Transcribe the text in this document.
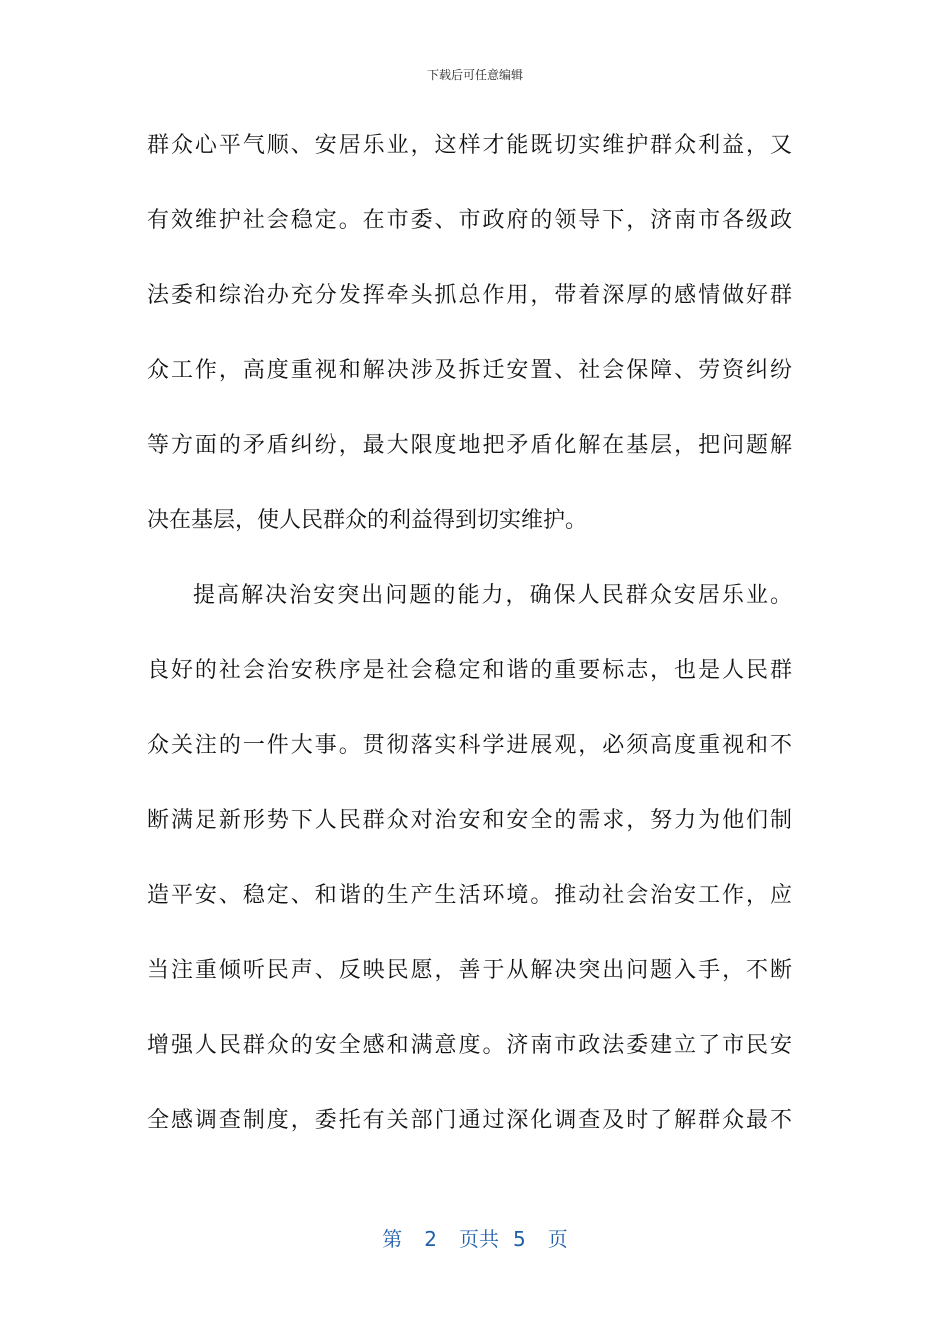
下载后可任意编辑
群众心平气顺、安居乐业，这样才能既切实维护群众利益，又
有效维护社会稳定。在市委、市政府的领导下，济南市各级政
法委和综治办充分发挥牵头抓总作用，带着深厚的感情做好群
众工作，高度重视和解决涉及拆迁安置、社会保障、劳资纠纷
等方面的矛盾纠纷，最大限度地把矛盾化解在基层，把问题解
决在基层，使人民群众的利益得到切实维护。
提高解决治安突出问题的能力，确保人民群众安居乐业。
良好的社会治安秩序是社会稳定和谐的重要标志，也是人民群
众关注的一件大事。贯彻落实科学进展观，必须高度重视和不
断满足新形势下人民群众对治安和安全的需求，努力为他们制
造平安、稳定、和谐的生产生活环境。推动社会治安工作，应
当注重倾听民声、反映民愿，善于从解决突出问题入手，不断
增强人民群众的安全感和满意度。济南市政法委建立了市民安
全感调查制度，委托有关部门通过深化调查及时了解群众最不
第 2 页共 5 页
